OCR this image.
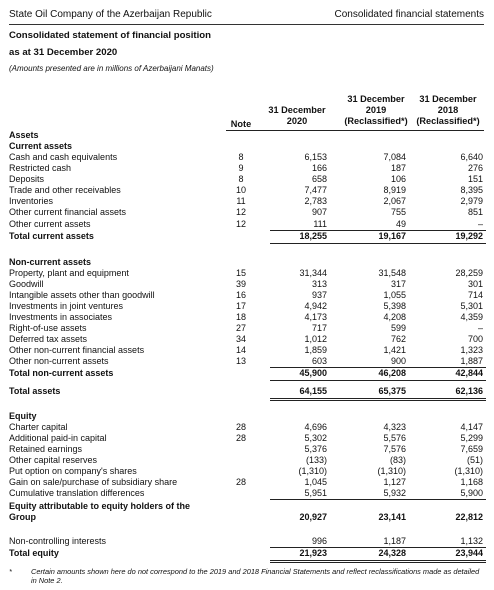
State Oil Company of the Azerbaijan Republic	Consolidated financial statements
Consolidated statement of financial position
as at 31 December 2020
(Amounts presented are in millions of Azerbaijani Manats)
Note
31 December
2020
31 December
2019
(Reclassified*)
31 December
2018
(Reclassified*)
Assets
Current assets
Cash and cash equivalents	8	6,153	7,084	6,640
Restricted cash	9	166	187	276
Deposits	8	658	106	151
Trade and other receivables	10	7,477	8,919	8,395
Inventories	11	2,783	2,067	2,979
Other current financial assets	12	907	755	851
Other current assets	12	111	49	–
Total current assets	18,255	19,167	19,292
Non-current assets
Property, plant and equipment	15	31,344	31,548	28,259
Goodwill	39	313	317	301
Intangible assets other than goodwill	16	937	1,055	714
Investments in joint ventures	17	4,942	5,398	5,301
Investments in associates	18	4,173	4,208	4,359
Right-of-use assets	27	717	599	–
Deferred tax assets	34	1,012	762	700
Other non-current financial assets	14	1,859	1,421	1,323
Other non-current assets	13	603	900	1,887
Total non-current assets	45,900	46,208	42,844
Total assets	64,155	65,375	62,136
Equity
Charter capital	28	4,696	4,323	4,147
Additional paid-in capital	28	5,302	5,576	5,299
Retained earnings	5,376	7,576	7,659
Other capital reserves	(133)	(83)	(51)
Put option on company's shares	(1,310)	(1,310)	(1,310)
Gain on sale/purchase of subsidiary share	28	1,045	1,127	1,168
Cumulative translation differences	5,951	5,932	5,900
Equity attributable to equity holders of the Group	20,927	23,141	22,812
Non-controlling interests	996	1,187	1,132
Total equity	21,923	24,328	23,944
*	Certain amounts shown here do not correspond to the 2019 and 2018 Financial Statements and reflect reclassifications made as detailed in Note 2.
